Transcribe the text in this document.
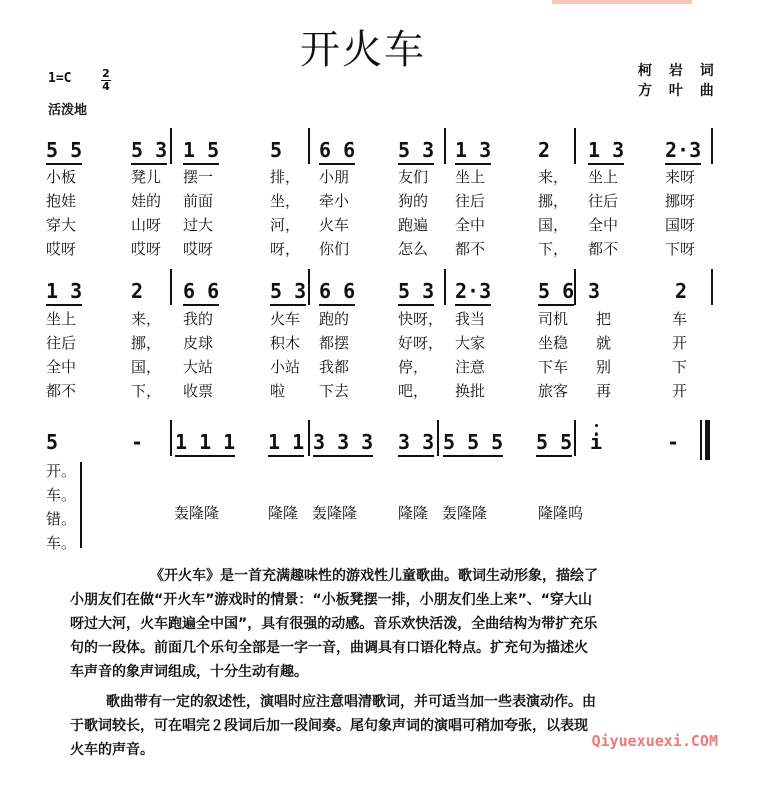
开火车	柯 岩 词
方 叶 曲
1=C	2
4
活泼地
5 5 5 3 1 5	5 6 6 5 3 1 3 2 1 3 2·3
小板	凳儿 摆一	排， 小朋	友们 坐上	来， 坐上	来呀
抱娃	娃的 前面	坐， 牵小	狗的 往后	挪， 往后	挪呀
穿大	山呀 过大	河， 火车	跑遍 全中	国， 全中	国呀
哎呀	哎呀 哎呀	呀， 你们	怎么 都不	下， 都不	下呀
1 3 2 6 6	5 3 6 6 5 3 2·3 5 6 3	2
坐上	来， 我的	火车 跑的	快呀， 我当	司机 把	车
往后	挪， 皮球	积木 都摆	好呀， 大家	坐稳 就	开
全中	国， 大站	小站 我都	停， 注意	下车 别	下
都不	下， 收票	啦 下去	吧， 换批	旅客 再	开
5	- 1 1 1 1 1 3 3 3 3 3 5 5 5 5 5 i	-
开。
车。
错。
车。
轰隆隆	隆隆 轰隆隆	隆隆 轰隆隆	隆隆呜
《开火车》是一首充满趣味性的游戏性儿童歌曲。歌词生动形象，描绘了
小朋友们在做“开火车”游戏时的情景：“小板凳摆一排，小朋友们坐上来”、“穿大山
呀过大河，火车跑遍全中国”，具有很强的动感。音乐欢快活泼，全曲结构为带扩充乐
句的一段体。前面几个乐句全部是一字一音，曲调具有口语化特点。扩充句为描述火
车声音的象声词组成，十分生动有趣。
歌曲带有一定的叙述性，演唱时应注意唱清歌词，并可适当加一些表演动作。由
于歌词较长，可在唱完２段词后加一段间奏。尾句象声词的演唱可稍加夸张，以表现
火车的声音。	Qiyuexuexi.COM
